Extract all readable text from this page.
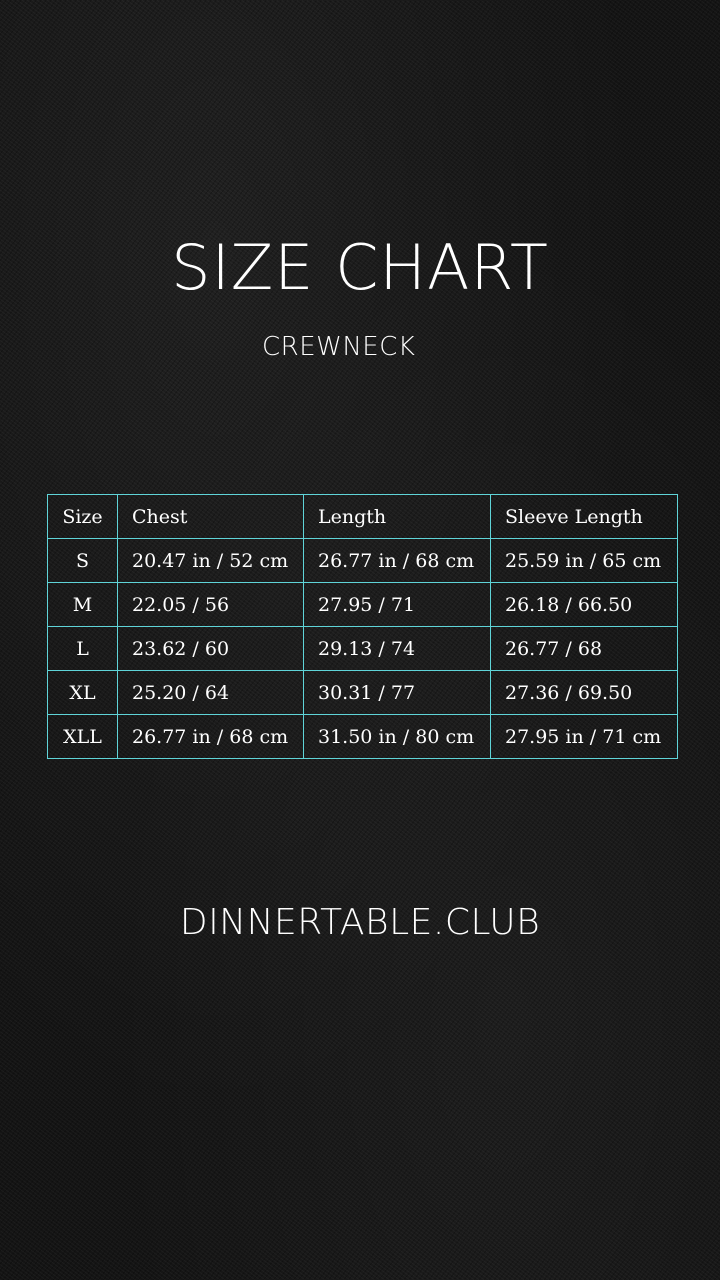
SIZE CHART
CREWNECK
Size	Chest	Length	Sleeve Length
S	20.47 in / 52 cm	26.77 in / 68 cm	25.59 in / 65 cm
M	22.05 / 56	27.95 / 71	26.18 / 66.50
L	23.62 / 60	29.13 / 74	26.77 / 68
XL	25.20 / 64	30.31 / 77	27.36 / 69.50
XLL	26.77 in / 68 cm	31.50 in / 80 cm	27.95 in / 71 cm
DINNERTABLE.CLUB
